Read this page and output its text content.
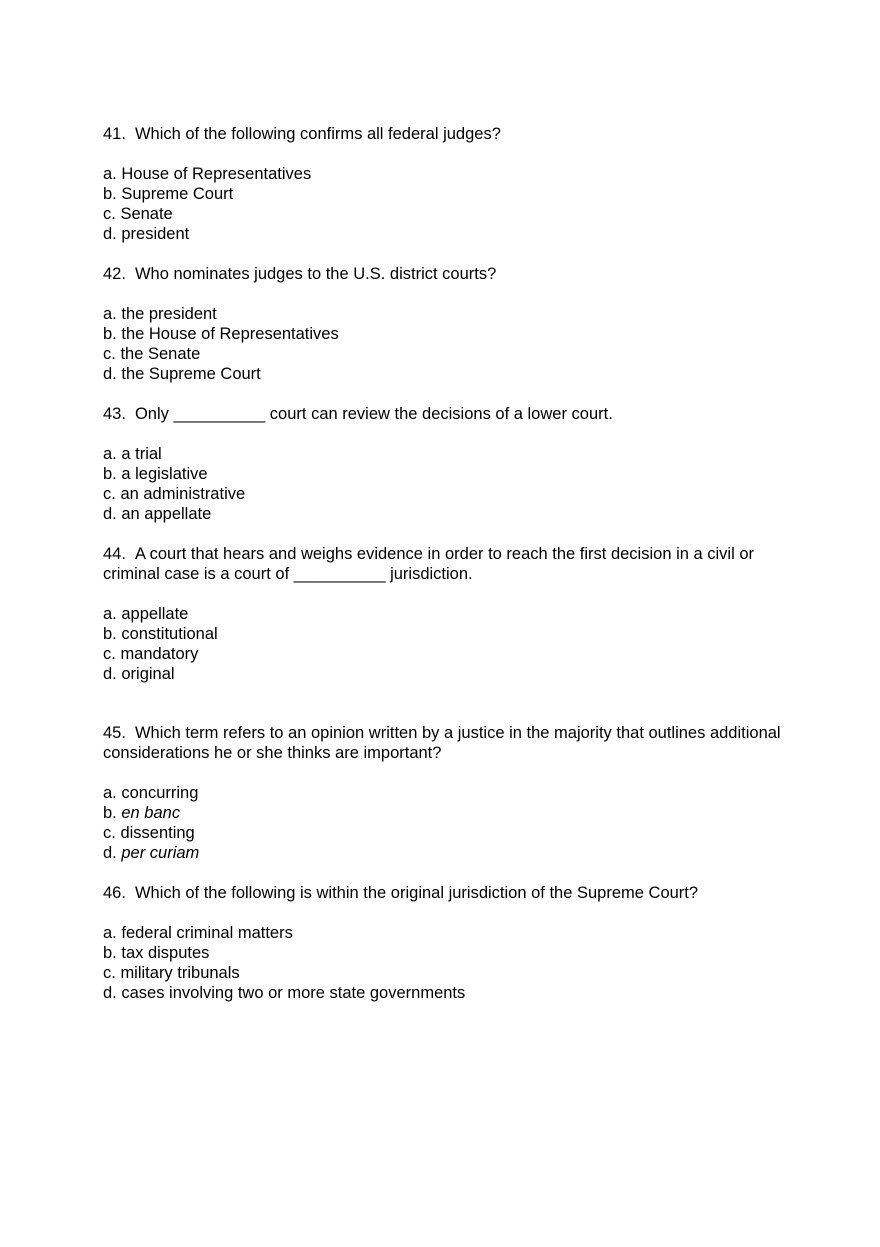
41. Which of the following confirms all federal judges?

a. House of Representatives
b. Supreme Court
c. Senate
d. president

42. Who nominates judges to the U.S. district courts?

a. the president
b. the House of Representatives
c. the Senate
d. the Supreme Court

43. Only __________ court can review the decisions of a lower court.

a. a trial
b. a legislative
c. an administrative
d. an appellate

44. A court that hears and weighs evidence in order to reach the first decision in a civil or criminal case is a court of __________ jurisdiction.

a. appellate
b. constitutional
c. mandatory
d. original

45. Which term refers to an opinion written by a justice in the majority that outlines additional considerations he or she thinks are important?

a. concurring
b. en banc
c. dissenting
d. per curiam

46. Which of the following is within the original jurisdiction of the Supreme Court?

a. federal criminal matters
b. tax disputes
c. military tribunals
d. cases involving two or more state governments
